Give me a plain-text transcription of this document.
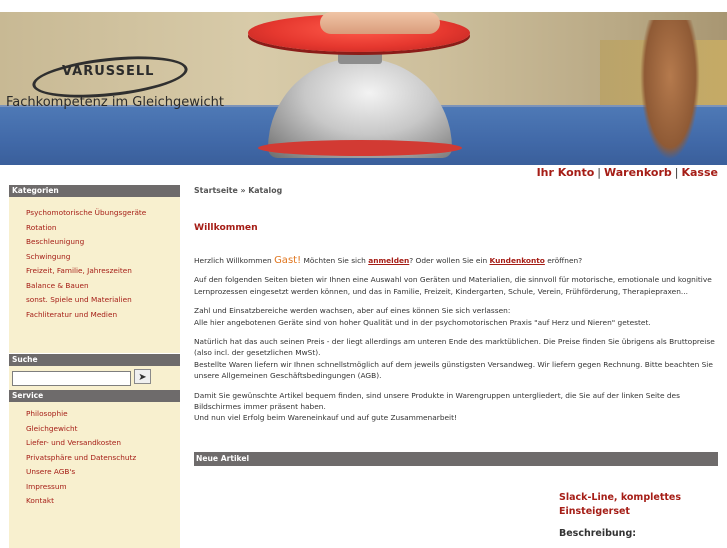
VARUSSELL
Fachkompetenz im Gleichgewicht
Ihr Konto | Warenkorb | Kasse
Kategorien
Psychomotorische Übungsgeräte
Rotation
Beschleunigung
Schwingung
Freizeit, Familie, Jahreszeiten
Balance & Bauen
sonst. Spiele und Materialien
Fachliteratur und Medien
Suche
➤
Service
Philosophie
Gleichgewicht
Liefer- und Versandkosten
Privatsphäre und Datenschutz
Unsere AGB's
Impressum
Kontakt
Startseite » Katalog
Willkommen

Herzlich Willkommen Gast! Möchten Sie sich anmelden? Oder wollen Sie ein Kundenkonto eröffnen?

Auf den folgenden Seiten bieten wir Ihnen eine Auswahl von Geräten und Materialien, die sinnvoll für motorische, emotionale und kognitive Lernprozessen eingesetzt werden können, und das in Familie, Freizeit, Kindergarten, Schule, Verein, Frühförderung, Therapiepraxen...

Zahl und Einsatzbereiche werden wachsen, aber auf eines können Sie sich verlassen:
Alle hier angebotenen Geräte sind von hoher Qualität und in der psychomotorischen Praxis "auf Herz und Nieren" getestet.

Natürlich hat das auch seinen Preis - der liegt allerdings am unteren Ende des marktüblichen. Die Preise finden Sie übrigens als Bruttopreise (also incl. der gesetzlichen MwSt).
Bestellte Waren liefern wir Ihnen schnellstmöglich auf dem jeweils günstigsten Versandweg. Wir liefern gegen Rechnung. Bitte beachten Sie unsere Allgemeinen Geschäftsbedingungen (AGB).

Damit Sie gewünschte Artikel bequem finden, sind unsere Produkte in Warengruppen untergliedert, die Sie auf der linken Seite des Bildschirmes immer präsent haben.
Und nun viel Erfolg beim Wareneinkauf und auf gute Zusammenarbeit!

Neue Artikel
Slack-Line, komplettes Einsteigerset
Beschreibung:
